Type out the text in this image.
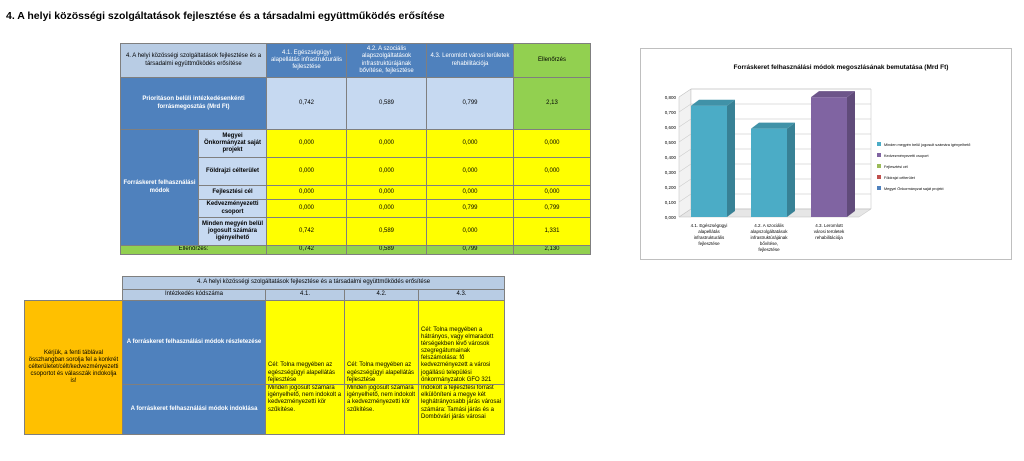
4. A helyi közösségi szolgáltatások fejlesztése és a társadalmi együttműködés erősítése
4. A helyi közösségi szolgáltatások fejlesztése és a társadalmi együttműködés erősítése		4.1. Egészségügyi alapellátás infrastrukturális fejlesztése	4.2. A szociális alapszolgáltatások infrastruktúrájának bővítése, fejlesztése	4.3. Leromlott városi területek rehabilitációja	Ellenőrzés
Prioritáson belüli intézkedésenkénti forrásmegosztás (Mrd Ft)		0,742	0,589	0,799	2,13
Forráskeret felhasználási módok	Megyei Önkormányzat saját projekt	0,000	0,000	0,000	0,000
	Földrajzi célterület	0,000	0,000	0,000	0,000
	Fejlesztési cél	0,000	0,000	0,000	0,000
	Kedvezményezetti csoport	0,000	0,000	0,799	0,799
	Minden megyén belül jogosult számára igényelhető	0,742	0,589	0,000	1,331
Ellenőrzés:		0,742	0,589	0,799	2,130
Forráskeret felhasználási módok megoszlásának bemutatása (Mrd Ft)
0,000
0,100
0,200
0,300
0,400
0,500
0,600
0,700
0,800
4.1. Egészségügyi alapellátás infrastrukturális fejlesztése
4.2. A szociális alapszolgáltatások infrastruktúrájának bővítése, fejlesztése
4.3. Leromlott városi területek rehabilitációja
Minden megyén belül jogosult számára igényelhető
Kedvezményezetti csoport
Fejlesztési cél
Földrajzi célterület
Megyei Önkormányzat saját projekt
	4. A helyi közösségi szolgáltatások fejlesztése és a társadalmi együttműködés erősítése			
	Intézkedés kódszáma	4.1.	4.2.	4.3.
Kérjük, a fenti táblával összhangban sorolja fel a konkrét célterületet/célt/kedvezményezetti csoportot és válasszák indokolja is!	A forráskeret felhasználási módok részletezése	Cél: Tolna megyében az egészségügyi alapellátás fejlesztése	Cél: Tolna megyében az egészségügyi alapellátás fejlesztése	Cél: Tolna megyében a hátrányos, vagy elmaradott térségekben lévő városok szegregátumainak felszámolása: fő kedvezményezett a városi jogállású települési önkormányzatok GFO 321
	A forráskeret felhasználási módok indoklása	Minden jogosult számára igényelhető, nem indokolt a kedvezményezetti kör szűkítése.	Minden jogosult számára igényelhető, nem indokolt a kedvezményezetti kör szűkítése.	Indokolt a fejlesztési forrást elkülöníteni a megye két leghátrányosabb járás városai számára: Tamási járás és a Dombóvári járás városai
